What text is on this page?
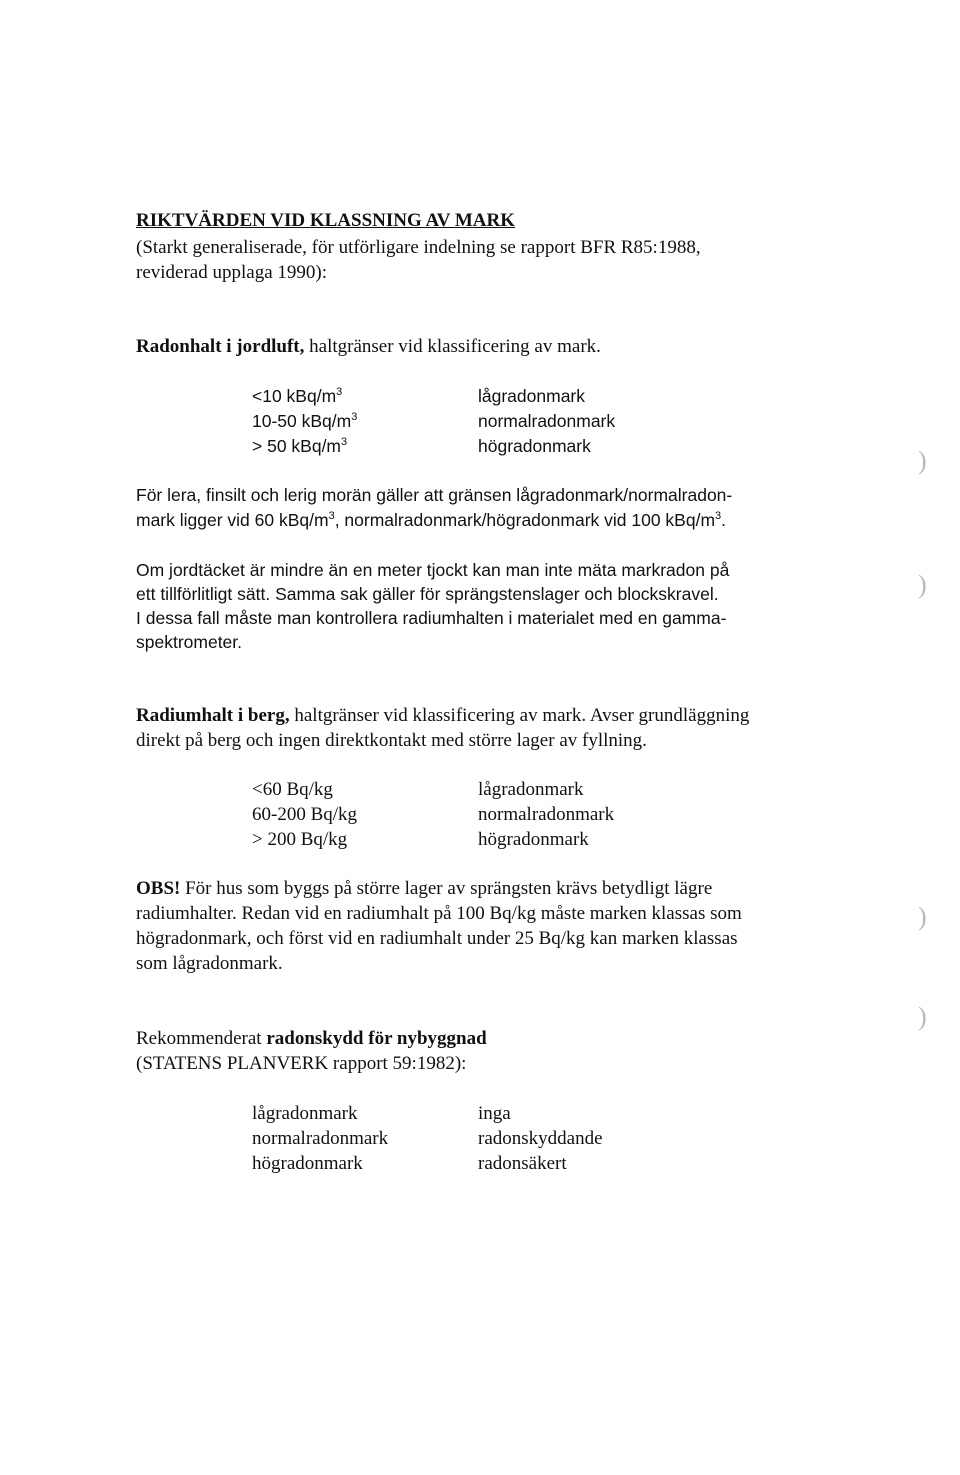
RIKTVÄRDEN VID KLASSNING AV MARK
(Starkt generaliserade, för utförligare indelning se rapport BFR R85:1988,
reviderad upplaga 1990):
Radonhalt i jordluft, haltgränser vid klassificering av mark.
<10 kBq/$m^3$	lågradonmark
10-50 kBq/$m^3$	normalradonmark
> 50 kBq/$m^3$	högradonmark
För lera, finsilt och lerig morän gäller att gränsen lågradonmark/normalradon-
mark ligger vid 60 kBq/$m^3$, normalradonmark/högradonmark vid 100 kBq/$m^3$.
Om jordtäcket är mindre än en meter tjockt kan man inte mäta markradon på
ett tillförlitligt sätt. Samma sak gäller för sprängstenslager och blockskravel.
I dessa fall måste man kontrollera radiumhalten i materialet med en gamma-
spektrometer.
Radiumhalt i berg, haltgränser vid klassificering av mark. Avser grundläggning
direkt på berg och ingen direktkontakt med större lager av fyllning.
<60 Bq/kg	lågradonmark
60-200 Bq/kg	normalradonmark
> 200 Bq/kg	högradonmark
OBS! För hus som byggs på större lager av sprängsten krävs betydligt lägre
radiumhalter. Redan vid en radiumhalt på 100 Bq/kg måste marken klassas som
högradonmark, och först vid en radiumhalt under 25 Bq/kg kan marken klassas
som lågradonmark.
Rekommenderat radonskydd för nybyggnad
(STATENS PLANVERK rapport 59:1982):
lågradonmark	inga
normalradonmark	radonskyddande
högradonmark	radonsäkert
)
)
)
)
